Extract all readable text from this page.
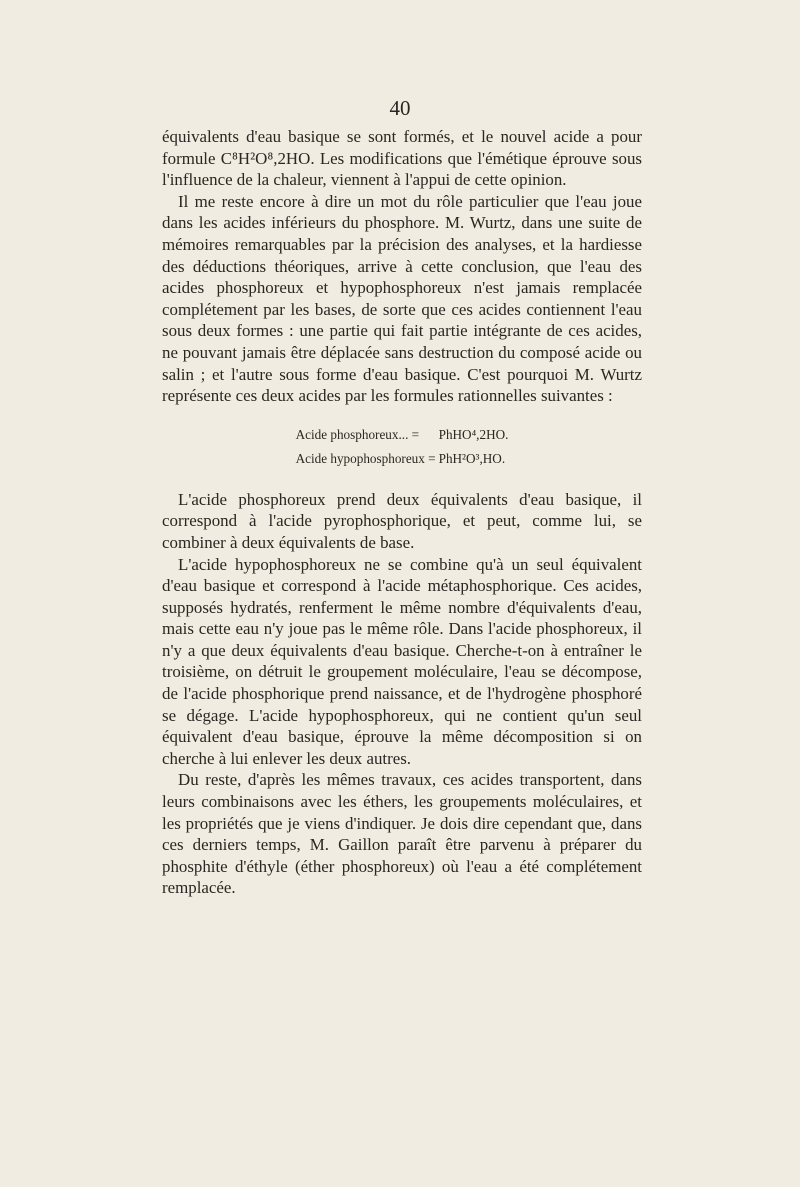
40

équivalents d'eau basique se sont formés, et le nouvel acide a pour formule C⁸H²O⁸,2HO. Les modifications que l'émétique éprouve sous l'influence de la chaleur, viennent à l'appui de cette opinion.

Il me reste encore à dire un mot du rôle particulier que l'eau joue dans les acides inférieurs du phosphore. M. Wurtz, dans une suite de mémoires remarquables par la précision des analyses, et la hardiesse des déductions théoriques, arrive à cette conclusion, que l'eau des acides phosphoreux et hypophosphoreux n'est jamais remplacée complétement par les bases, de sorte que ces acides contiennent l'eau sous deux formes : une partie qui fait partie intégrante de ces acides, ne pouvant jamais être déplacée sans destruction du composé acide ou salin ; et l'autre sous forme d'eau basique. C'est pourquoi M. Wurtz représente ces deux acides par les formules rationnelles suivantes :

Acide phosphoreux... =	PhHO⁴,2HO.
Acide hypophosphoreux = PhH²O³,HO.

L'acide phosphoreux prend deux équivalents d'eau basique, il correspond à l'acide pyrophosphorique, et peut, comme lui, se combiner à deux équivalents de base.

L'acide hypophosphoreux ne se combine qu'à un seul équivalent d'eau basique et correspond à l'acide métaphosphorique. Ces acides, supposés hydratés, renferment le même nombre d'équivalents d'eau, mais cette eau n'y joue pas le même rôle. Dans l'acide phosphoreux, il n'y a que deux équivalents d'eau basique. Cherche-t-on à entraîner le troisième, on détruit le groupement moléculaire, l'eau se décompose, de l'acide phosphorique prend naissance, et de l'hydrogène phosphoré se dégage. L'acide hypophosphoreux, qui ne contient qu'un seul équivalent d'eau basique, éprouve la même décomposition si on cherche à lui enlever les deux autres.

Du reste, d'après les mêmes travaux, ces acides transportent, dans leurs combinaisons avec les éthers, les groupements moléculaires, et les propriétés que je viens d'indiquer. Je dois dire cependant que, dans ces derniers temps, M. Gaillon paraît être parvenu à préparer du phosphite d'éthyle (éther phosphoreux) où l'eau a été complétement remplacée.
